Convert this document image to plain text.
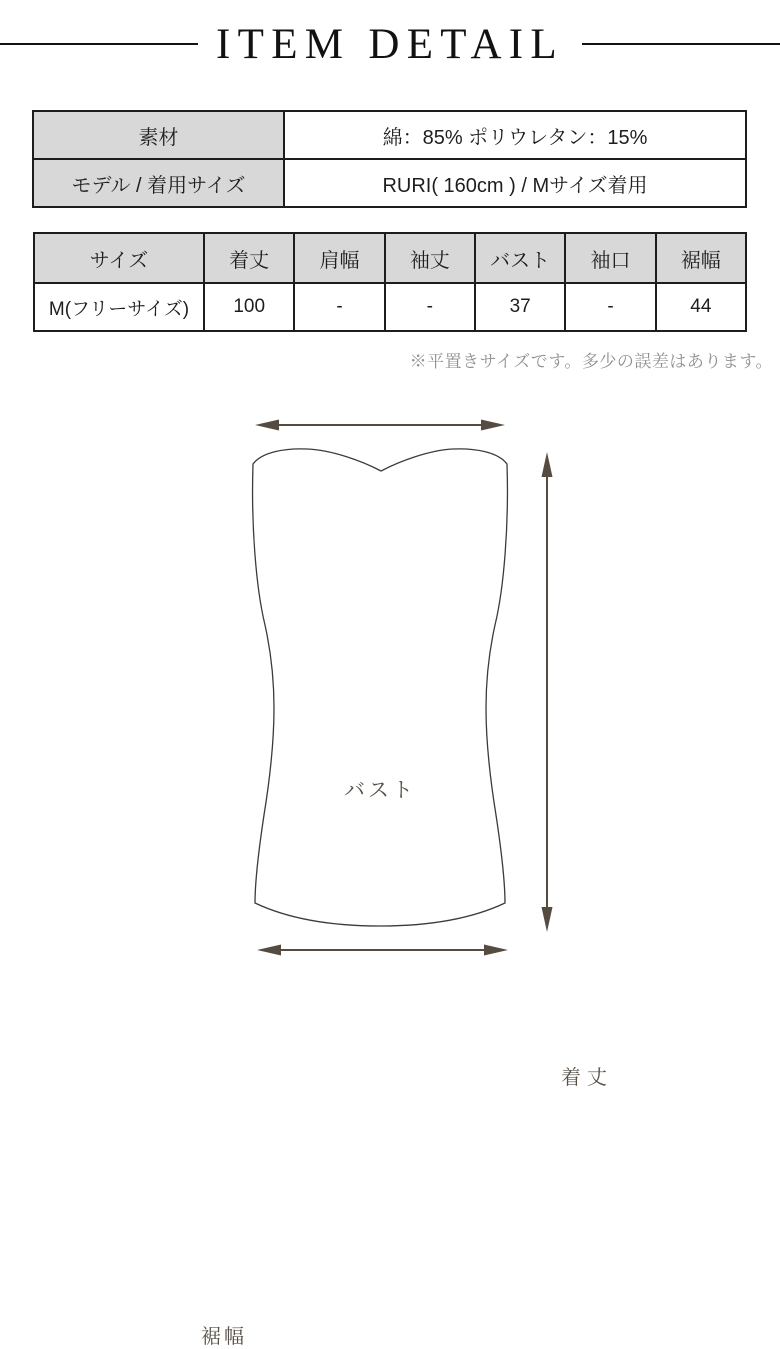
ITEM DETAIL
素材	綿：85% ポリウレタン：15%
モデル / 着用サイズ	RURI( 160cm ) / Mサイズ着用
サイズ	着丈	肩幅	袖丈	バスト	袖口	裾幅
M(フリーサイズ)	100	-	-	37	-	44
※平置きサイズです。多少の誤差はあります。
バスト
着丈
裾幅
